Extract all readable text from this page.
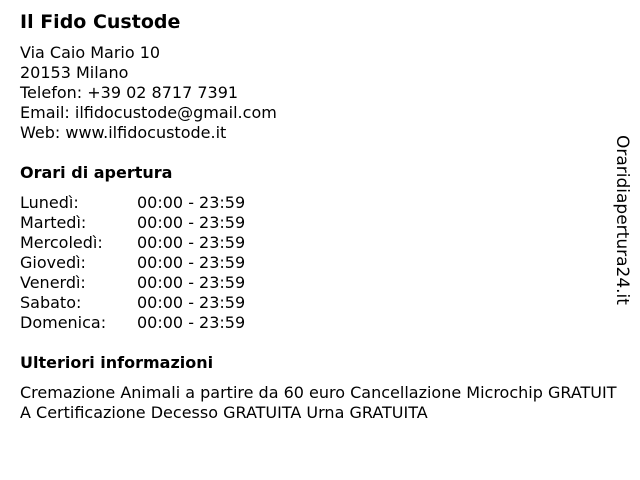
Il Fido Custode
Via Caio Mario 10
20153 Milano
Telefon: +39 02 8717 7391
Email: ilfidocustode@gmail.com
Web: www.ilfidocustode.it
Orari di apertura
Lunedì:	00:00 - 23:59
Martedì:	00:00 - 23:59
Mercoledì:	00:00 - 23:59
Giovedì:	00:00 - 23:59
Venerdì:	00:00 - 23:59
Sabato:	00:00 - 23:59
Domenica:	00:00 - 23:59
Ulteriori informazioni
Cremazione Animali a partire da 60 euro Cancellazione Microchip GRATUITA Certificazione Decesso GRATUITA Urna GRATUITA
Oraridiapertura24.it
